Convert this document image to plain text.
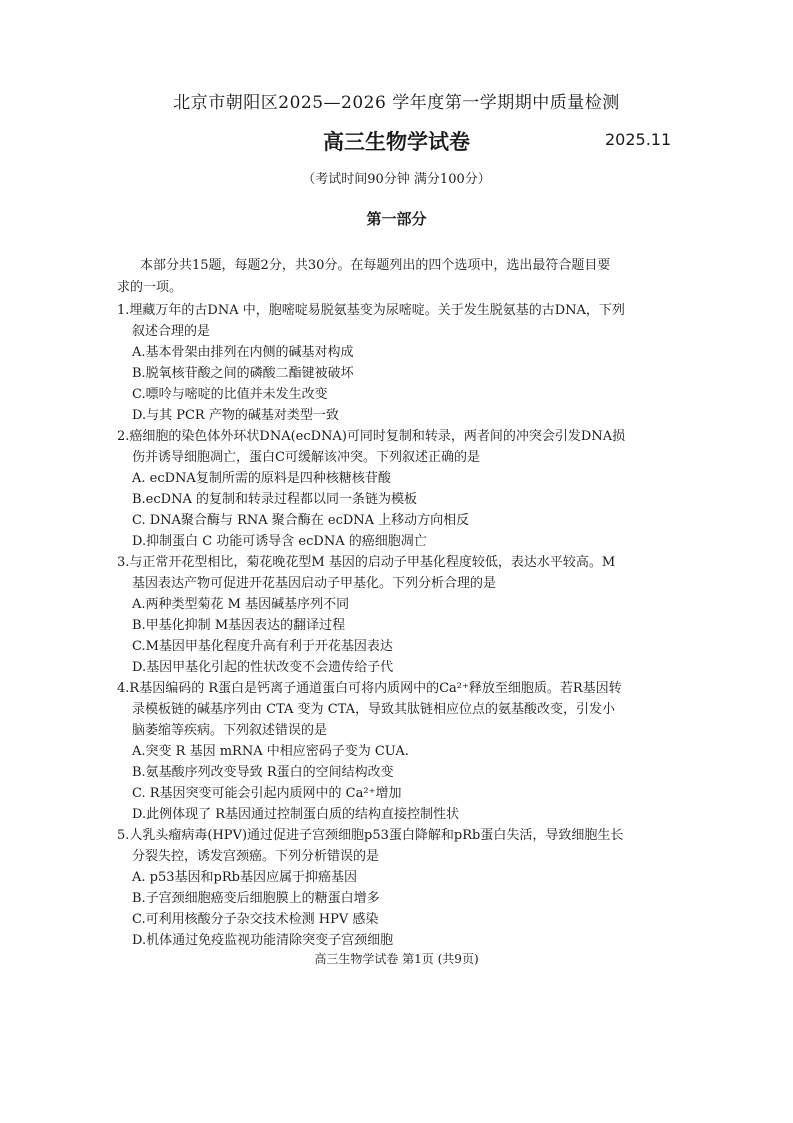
北京市朝阳区2025—2026 学年度第一学期期中质量检测
高三生物学试卷	2025.11
（考试时间90分钟 满分100分）
第一部分
本部分共15题，每题2分，共30分。在每题列出的四个选项中，选出最符合题目要
求的一项。
1.埋藏万年的古DNA 中，胞嘧啶易脱氨基变为尿嘧啶。关于发生脱氨基的古DNA，下列
叙述合理的是
A.基本骨架由排列在内侧的碱基对构成
B.脱氧核苷酸之间的磷酸二酯键被破坏
C.嘌呤与嘧啶的比值并未发生改变
D.与其 PCR 产物的碱基对类型一致
2.癌细胞的染色体外环状DNA(ecDNA)可同时复制和转录，两者间的冲突会引发DNA损
伤并诱导细胞凋亡，蛋白C可缓解该冲突。下列叙述正确的是
A. ecDNA复制所需的原料是四种核糖核苷酸
B.ecDNA 的复制和转录过程都以同一条链为模板
C. DNA聚合酶与 RNA 聚合酶在 ecDNA 上移动方向相反
D.抑制蛋白 C 功能可诱导含 ecDNA 的癌细胞凋亡
3.与正常开花型相比，菊花晚花型M 基因的启动子甲基化程度较低，表达水平较高。M
基因表达产物可促进开花基因启动子甲基化。下列分析合理的是
A.两种类型菊花 M 基因碱基序列不同
B.甲基化抑制 M基因表达的翻译过程
C.M基因甲基化程度升高有利于开花基因表达
D.基因甲基化引起的性状改变不会遗传给子代
4.R基因编码的 R蛋白是钙离子通道蛋白可将内质网中的Ca²⁺释放至细胞质。若R基因转
录模板链的碱基序列由 CTA 变为 CTA，导致其肽链相应位点的氨基酸改变，引发小
脑萎缩等疾病。下列叙述错误的是
A.突变 R 基因 mRNA 中相应密码子变为 CUA.
B.氨基酸序列改变导致 R蛋白的空间结构改变
C. R基因突变可能会引起内质网中的 Ca²⁺增加
D.此例体现了 R基因通过控制蛋白质的结构直接控制性状
5.人乳头瘤病毒(HPV)通过促进子宫颈细胞p53蛋白降解和pRb蛋白失活，导致细胞生长
分裂失控，诱发宫颈癌。下列分析错误的是
A. p53基因和pRb基因应属于抑癌基因
B.子宫颈细胞癌变后细胞膜上的糖蛋白增多
C.可利用核酸分子杂交技术检测 HPV 感染
D.机体通过免疫监视功能清除突变子宫颈细胞
高三生物学试卷 第1页 (共9页)
